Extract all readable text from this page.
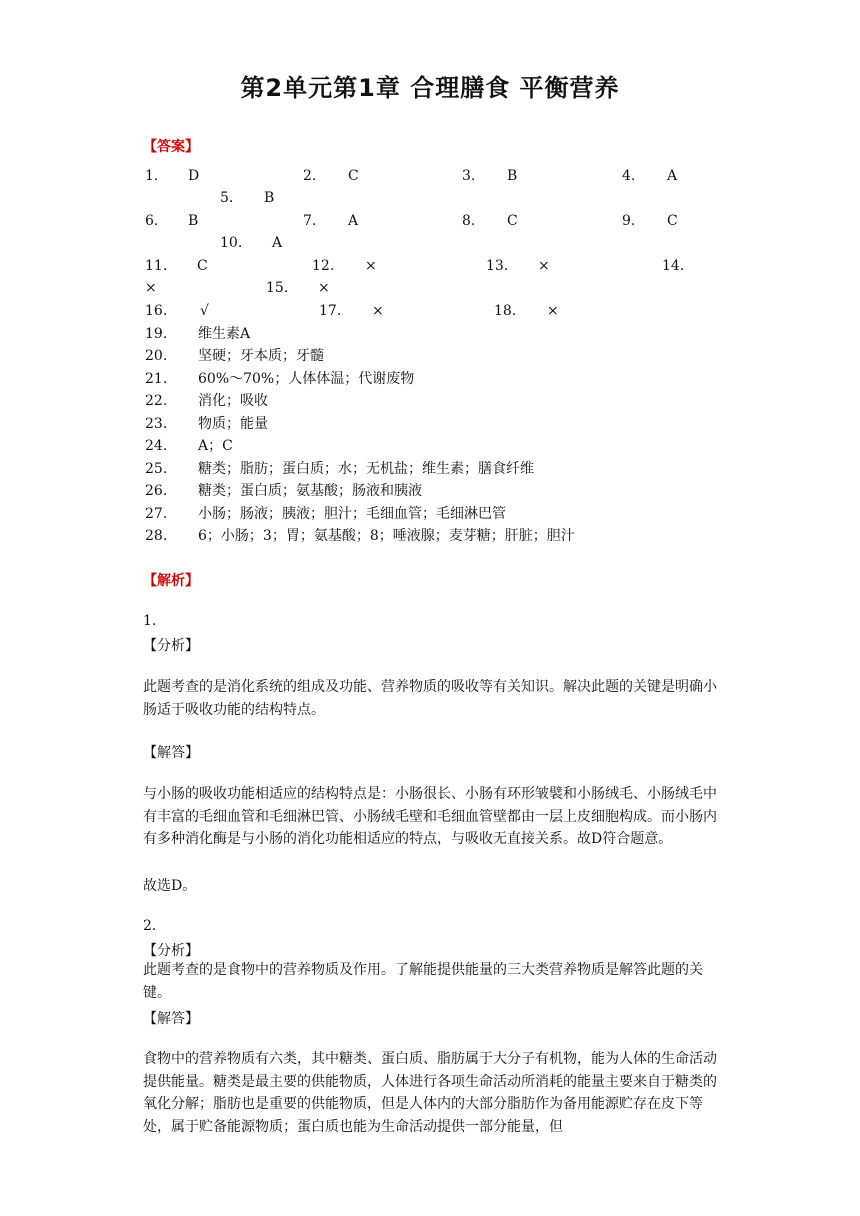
第2单元第1章 合理膳食 平衡营养
【答案】
1. D	2. C	3. B	4. A
5. B
6. B	7. A	8. C	9. C
10. A
11. C	12. ×	13. ×	14.
×	15. ×
16. √	17. ×	18. ×
19. 维生素A
20. 坚硬；牙本质；牙髓
21. 60%～70%；人体体温；代谢废物
22. 消化；吸收
23. 物质；能量
24. A；C
25. 糖类；脂肪；蛋白质；水；无机盐；维生素；膳食纤维
26. 糖类；蛋白质；氨基酸；肠液和胰液
27. 小肠；肠液；胰液；胆汁；毛细血管；毛细淋巴管
28. 6；小肠；3；胃；氨基酸；8；唾液腺；麦芽糖；肝脏；胆汁
【解析】
1.
【分析】
此题考查的是消化系统的组成及功能、营养物质的吸收等有关知识。解决此题的关键是明确小肠适于吸收功能的结构特点。
【解答】
与小肠的吸收功能相适应的结构特点是：小肠很长、小肠有环形皱襞和小肠绒毛、小肠绒毛中有丰富的毛细血管和毛细淋巴管、小肠绒毛壁和毛细血管壁都由一层上皮细胞构成。而小肠内有多种消化酶是与小肠的消化功能相适应的特点，与吸收无直接关系。故D符合题意。
故选D。
2.
【分析】
此题考查的是食物中的营养物质及作用。了解能提供能量的三大类营养物质是解答此题的关键。
【解答】
食物中的营养物质有六类，其中糖类、蛋白质、脂肪属于大分子有机物，能为人体的生命活动提供能量。糖类是最主要的供能物质，人体进行各项生命活动所消耗的能量主要来自于糖类的氧化分解；脂肪也是重要的供能物质，但是人体内的大部分脂肪作为备用能源贮存在皮下等处，属于贮备能源物质；蛋白质也能为生命活动提供一部分能量，但
